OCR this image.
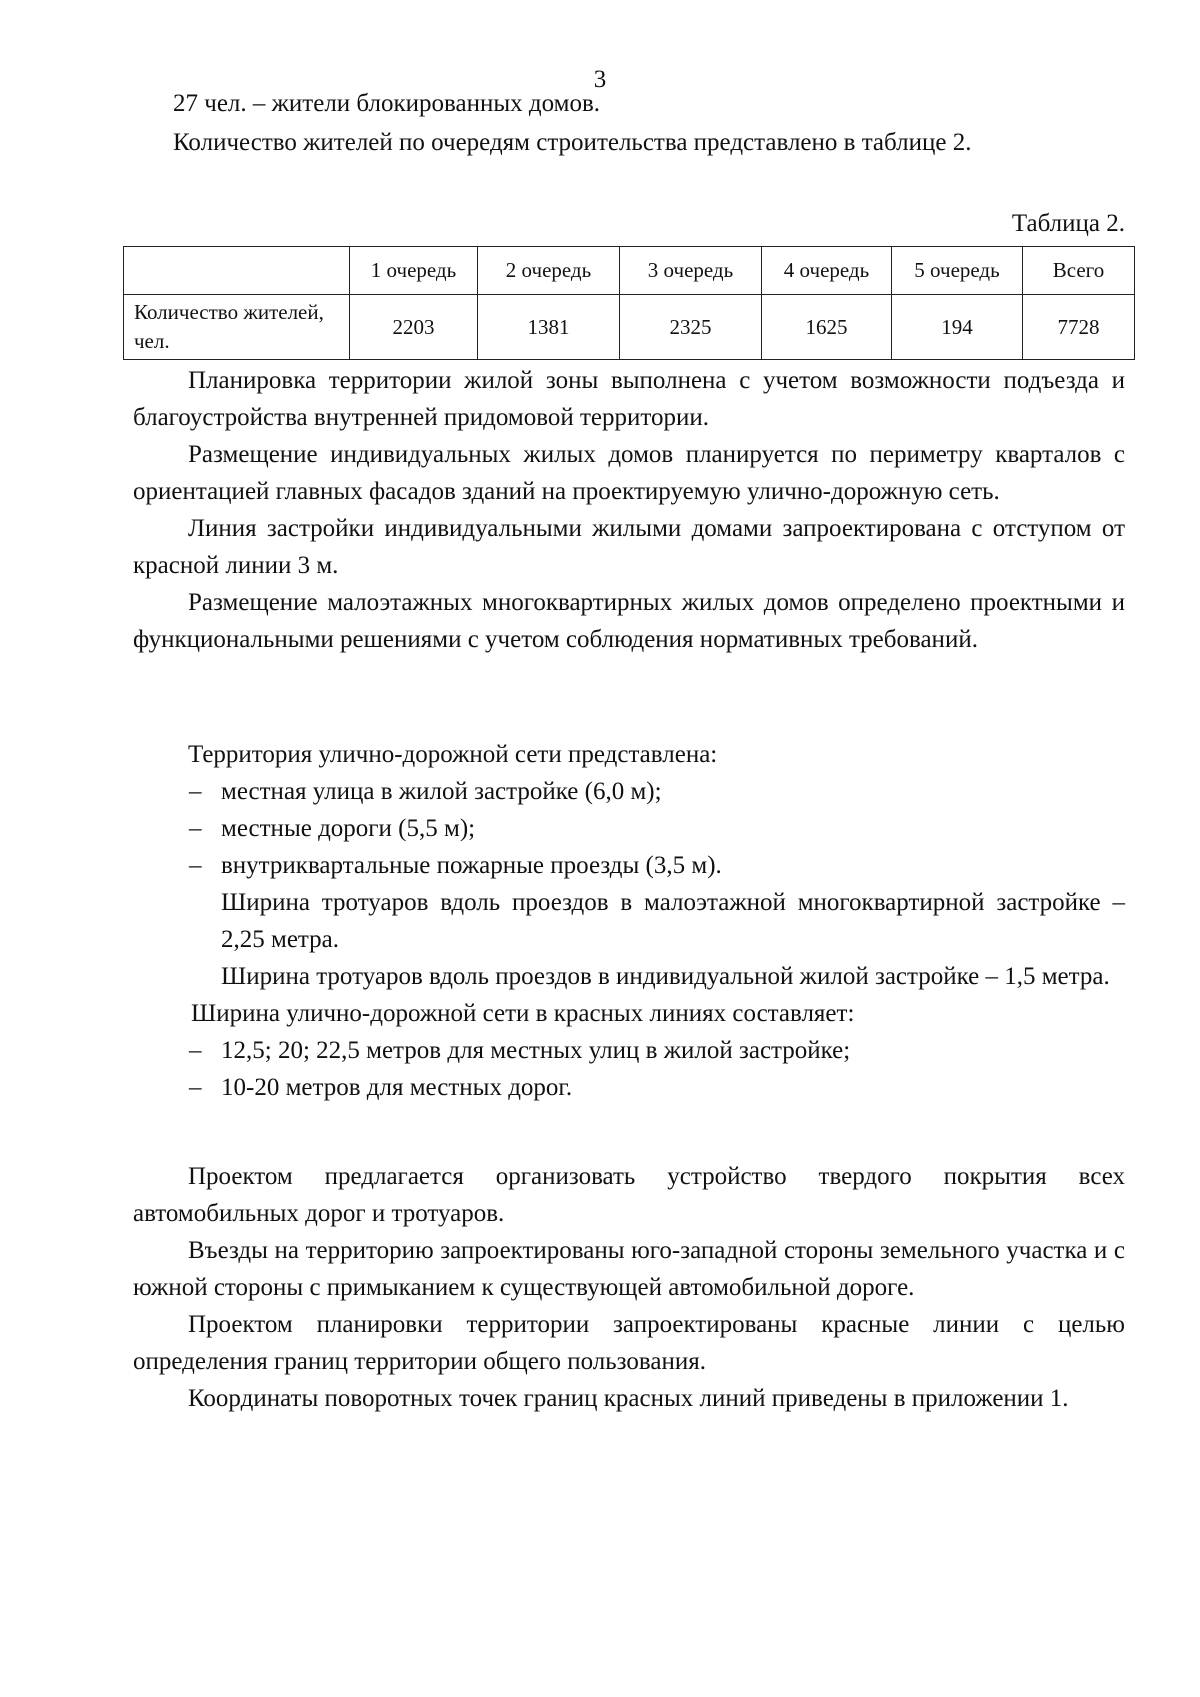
3

27 чел. – жители блокированных домов.

Количество жителей по очередям строительства представлено в таблице 2.

Таблица 2.
	1 очередь	2 очередь	3 очередь	4 очередь	5 очередь	Всего
Количество жителей, чел.	2203	1381	2325	1625	194	7728

Планировка территории жилой зоны выполнена с учетом возможности подъезда и благоустройства внутренней придомовой территории.

Размещение индивидуальных жилых домов планируется по периметру кварталов с ориентацией главных фасадов зданий на проектируемую улично-дорожную сеть.

Линия застройки индивидуальными жилыми домами запроектирована с отступом от красной линии 3 м.

Размещение малоэтажных многоквартирных жилых домов определено проектными и функциональными решениями с учетом соблюдения нормативных требований.

Территория улично-дорожной сети представлена:

– местная улица в жилой застройке (6,0 м);

– местные дороги (5,5 м);

– внутриквартальные пожарные проезды (3,5 м).

Ширина тротуаров вдоль проездов в малоэтажной многоквартирной застройке – 2,25 метра.

Ширина тротуаров вдоль проездов в индивидуальной жилой застройке – 1,5 метра.

Ширина улично-дорожной сети в красных линиях составляет:

– 12,5; 20; 22,5 метров для местных улиц в жилой застройке;

– 10-20 метров для местных дорог.

Проектом предлагается организовать устройство твердого покрытия всех автомобильных дорог и тротуаров.

Въезды на территорию запроектированы юго-западной стороны земельного участка и с южной стороны с примыканием к существующей автомобильной дороге.

Проектом планировки территории запроектированы красные линии с целью определения границ территории общего пользования.

Координаты поворотных точек границ красных линий приведены в приложении 1.
